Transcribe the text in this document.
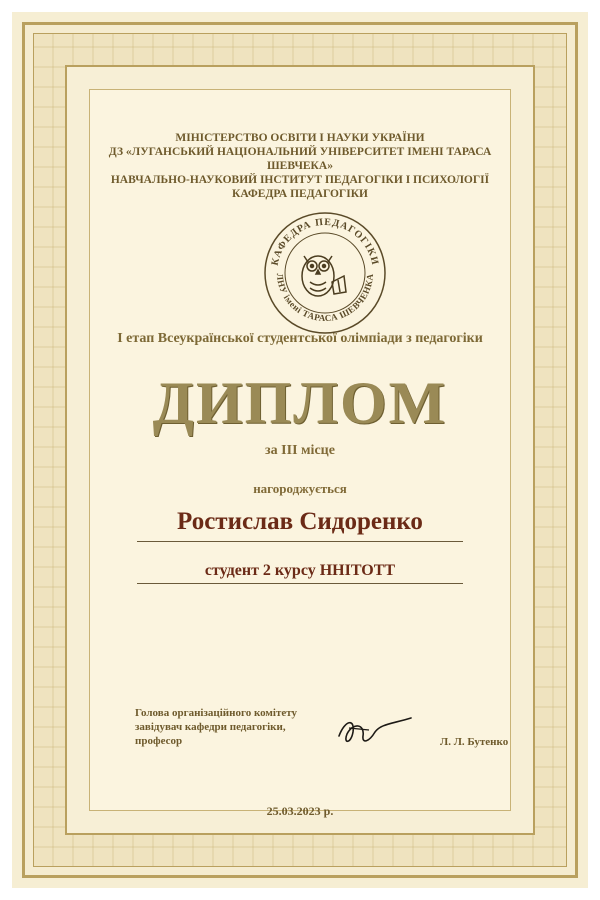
МІНІСТЕРСТВО ОСВІТИ І НАУКИ УКРАЇНИ
ДЗ «ЛУГАНСЬКИЙ НАЦІОНАЛЬНИЙ УНІВЕРСИТЕТ ІМЕНІ ТАРАСА ШЕВЧЕКА»
НАВЧАЛЬНО-НАУКОВИЙ ІНСТИТУТ ПЕДАГОГІКИ І ПСИХОЛОГІЇ
КАФЕДРА ПЕДАГОГІКИ
КАФЕДРА ПЕДАГОГІКИ
ЛНУ імені ТАРАСА ШЕВЧЕНКА
І етап Всеукраїнської студентської олімпіади з педагогіки
ДИПЛОМ
за ІІІ місце
нагороджується
Ростислав Сидоренко
студент 2 курсу ННІТОТТ
Голова організаційного комітету
завідувач кафедри педагогіки,
професор	Л. Л. Бутенко
25.03.2023 р.
